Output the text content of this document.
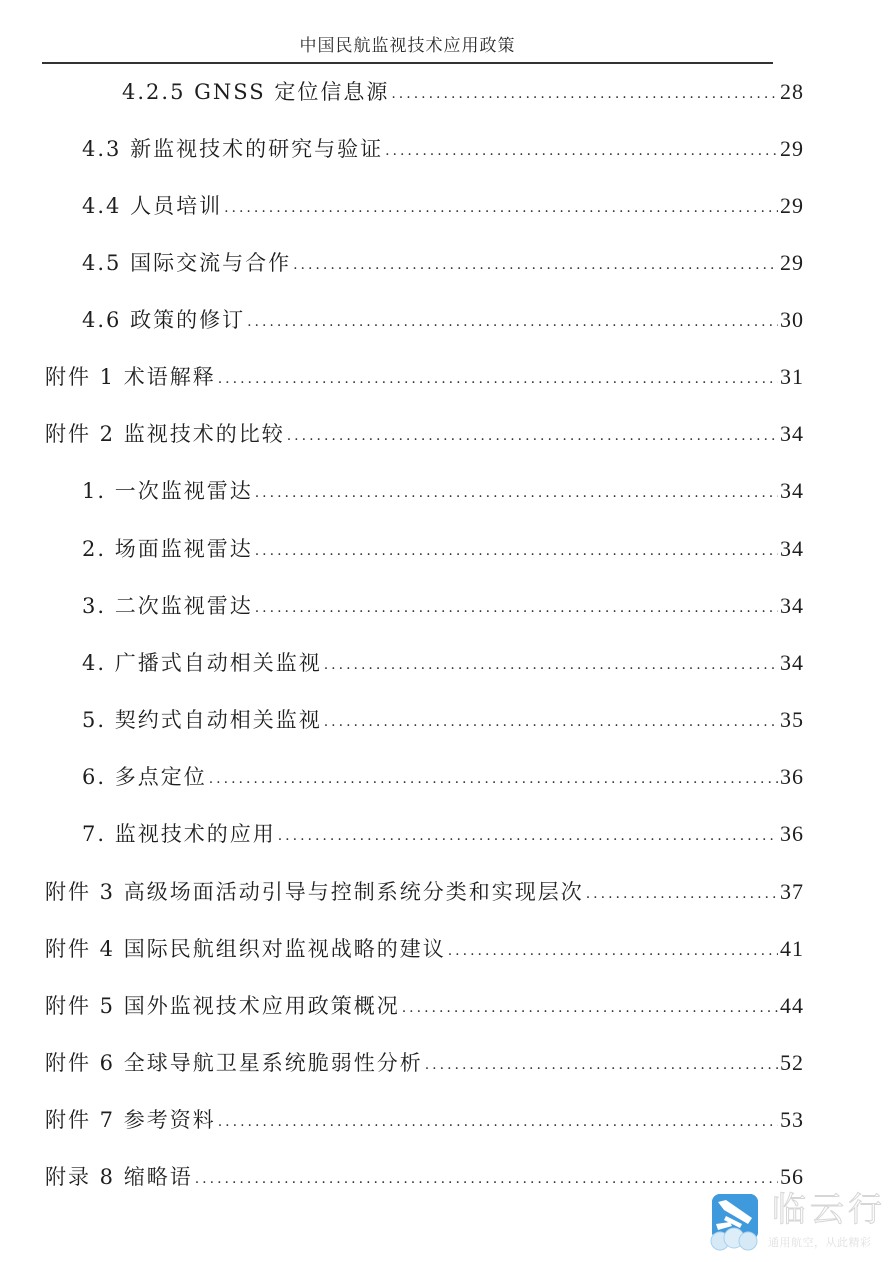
中国民航监视技术应用政策
4.2.5 GNSS 定位信息源 .....	28
4.3 新监视技术的研究与验证 .....	29
4.4 人员培训 .....	29
4.5 国际交流与合作 .....	29
4.6 政策的修订 .....	30
附件 1 术语解释 .....	31
附件 2 监视技术的比较 .....	34
1. 一次监视雷达 .....	34
2. 场面监视雷达 .....	34
3. 二次监视雷达 .....	34
4. 广播式自动相关监视 .....	34
5. 契约式自动相关监视 .....	35
6. 多点定位 .....	36
7. 监视技术的应用 .....	36
附件 3 高级场面活动引导与控制系统分类和实现层次 .....	37
附件 4 国际民航组织对监视战略的建议 .....	41
附件 5 国外监视技术应用政策概况 .....	44
附件 6 全球导航卫星系统脆弱性分析 .....	52
附件 7 参考资料 .....	53
附录 8 缩略语 .....	56
临云行
通用航空，从此精彩
